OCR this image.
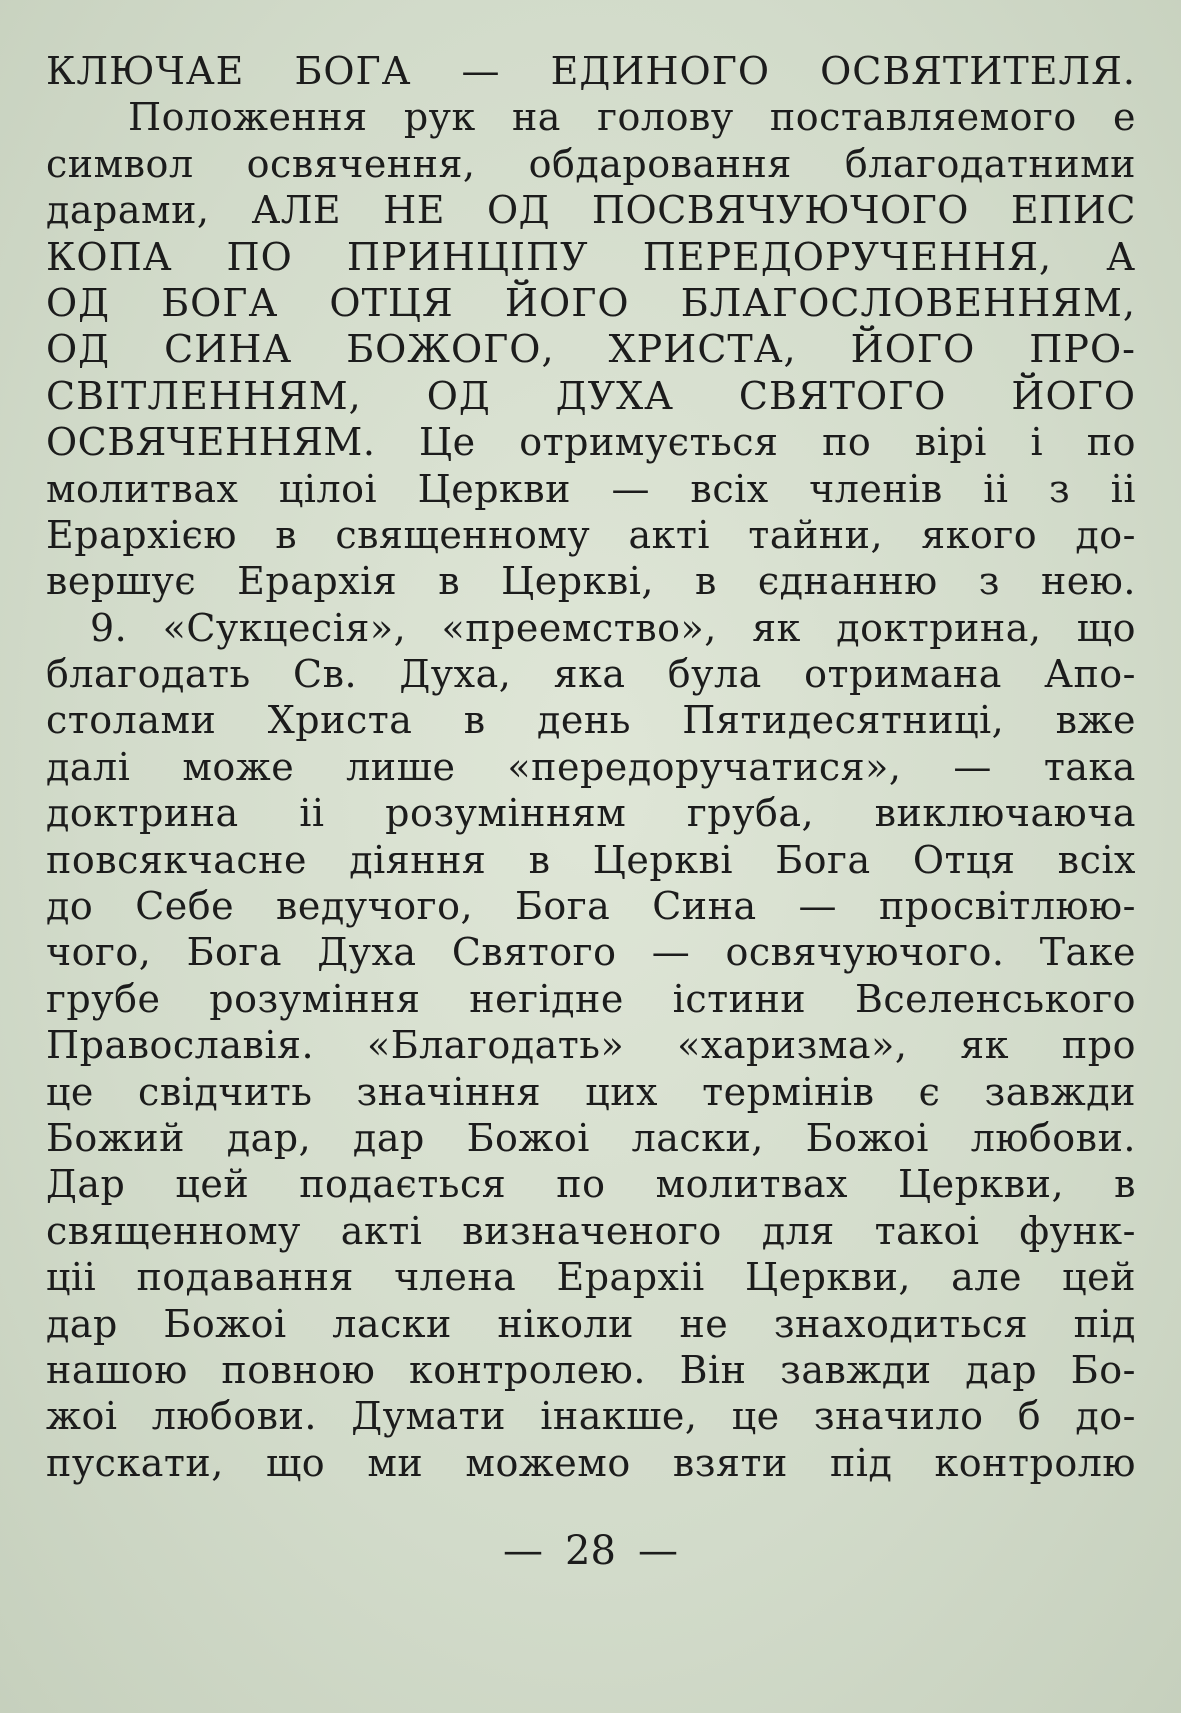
КЛЮЧАЕ БОГА — ЕДИНОГО ОСВЯТИТЕЛЯ.
Положення рук на голову поставляемого е
символ освячення, обдаровання благодатними
дарами, АЛЕ НЕ ОД ПОСВЯЧУЮЧОГО ЕПИС
КОПА ПО ПРИНЦІПУ ПЕРЕДОРУЧЕННЯ, А
ОД БОГА ОТЦЯ ЙОГО БЛАГОСЛОВЕННЯМ,
ОД СИНА БОЖОГО, ХРИСТА, ЙОГО ПРО-
СВІТЛЕННЯМ, ОД ДУХА СВЯТОГО ЙОГО
ОСВЯЧЕННЯМ. Це отримується по вірі і по
молитвах цілоі Церкви — всіх членів іі з іі
Ерархією в священному акті тайни, якого до-
вершує Ерархія в Церкві, в єднанню з нею.
9. «Сукцесія», «преемство», як доктрина, що
благодать Св. Духа, яка була отримана Апо-
столами Христа в день Пятидесятниці, вже
далі може лише «передоручатися», — така
доктрина іі розумінням груба, виключаюча
повсякчасне діяння в Церкві Бога Отця всіх
до Себе ведучого, Бога Сина — просвітлюю-
чого, Бога Духа Святого — освячуючого. Таке
грубе розуміння негідне істини Вселенського
Православія. «Благодать» «харизма», як про
це свідчить значіння цих термінів є завжди
Божий дар, дар Божоі ласки, Божоі любови.
Дар цей подається по молитвах Церкви, в
священному акті визначеного для такоі функ-
ціі подавання члена Ерархіі Церкви, але цей
дар Божоі ласки ніколи не знаходиться під
нашою повною контролею. Він завжди дар Бо-
жоі любови. Думати інакше, це значило б до-
пускати, що ми можемо взяти під контролю
— 28 —
